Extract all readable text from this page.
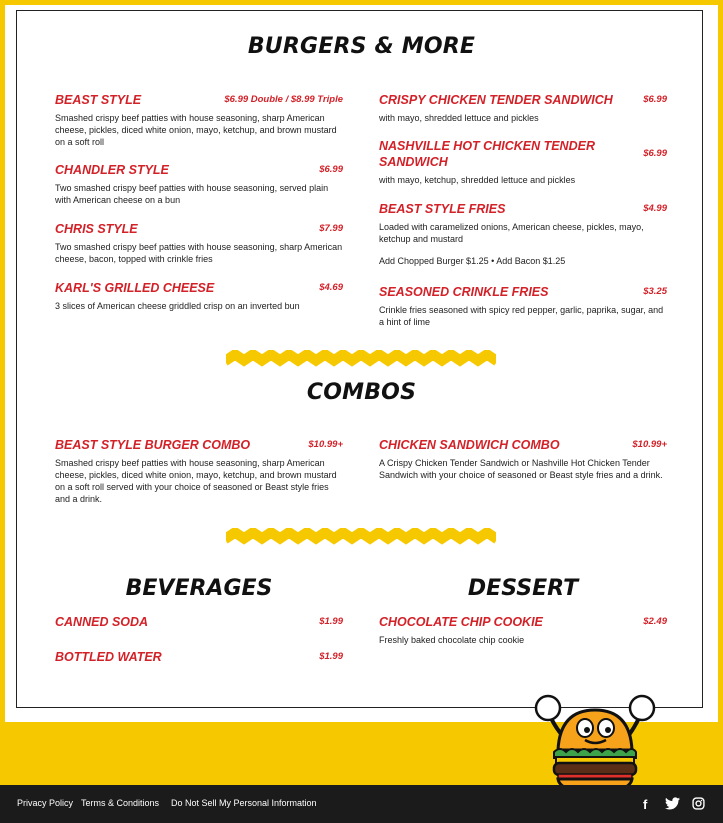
BURGERS & MORE
BEAST STYLE	$6.99 Double / $8.99 Triple
Smashed crispy beef patties with house seasoning, sharp American cheese, pickles, diced white onion, mayo, ketchup, and brown mustard on a soft roll
CHANDLER STYLE	$6.99
Two smashed crispy beef patties with house seasoning, served plain with American cheese on a bun
CHRIS STYLE	$7.99
Two smashed crispy beef patties with house seasoning, sharp American cheese, bacon, topped with crinkle fries
KARL'S GRILLED CHEESE	$4.69
3 slices of American cheese griddled crisp on an inverted bun
CRISPY CHICKEN TENDER SANDWICH	$6.99
with mayo, shredded lettuce and pickles
NASHVILLE HOT CHICKEN TENDER SANDWICH
$6.99
with mayo, ketchup, shredded lettuce and pickles
BEAST STYLE FRIES	$4.99
Loaded with caramelized onions, American cheese, pickles, mayo, ketchup and mustard
Add Chopped Burger $1.25 • Add Bacon $1.25
SEASONED CRINKLE FRIES	$3.25
Crinkle fries seasoned with spicy red pepper, garlic, paprika, sugar, and a hint of lime
COMBOS
BEAST STYLE BURGER COMBO	$10.99+
Smashed crispy beef patties with house seasoning, sharp American cheese, pickles, diced white onion, mayo, ketchup, and brown mustard on a soft roll served with your choice of seasoned or Beast style fries and a drink.
CHICKEN SANDWICH COMBO	$10.99+
A Crispy Chicken Tender Sandwich or Nashville Hot Chicken Tender Sandwich with your choice of seasoned or Beast style fries and a drink.
BEVERAGES	DESSERT
CANNED SODA	$1.99
BOTTLED WATER	$1.99
CHOCOLATE CHIP COOKIE	$2.49
Freshly baked chocolate chip cookie
Privacy Policy Terms & Conditions Do Not Sell My Personal Information	f
